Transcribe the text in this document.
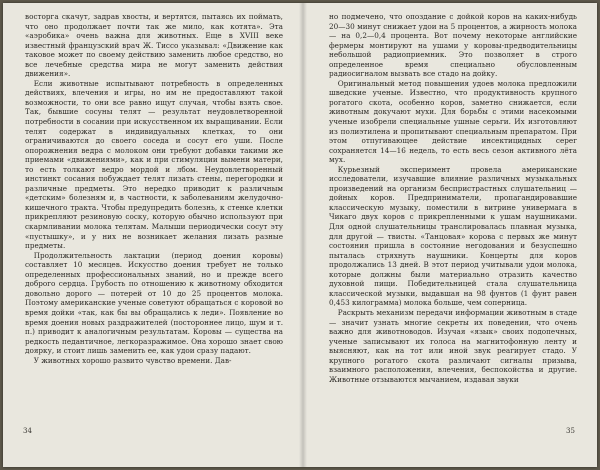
восторга скачут, задрав хвосты, и вертятся, пытаясь их поймать, что оно продолжает почти так же мило, как котята». Эта «аэробика» очень важна для животных. Еще в XVIII веке известный французский врач Ж. Тиссо указывал: «Движение как таковое может по своему действию заменить любое средство, но все лечебные средства мира не могут заменить действия движения».

Если животные испытывают потребность в определенных действиях, влечения и игры, но им не предоставляют такой возможности, то они все равно ищут случая, чтобы взять свое. Так, бывшие сосуны телят — результат неудовлетворенной потребности в сосании при искусственном их выращивании. Если телят содержат в индивидуальных клетках, то они ограничиваются до своего соседа и сосут его уши. После опорожнения ведра с молоком они требуют добавки такими же приемами «движениями», как и при стимуляции вымени матери, то есть толкают ведро мордой и лбом. Неудовлетворенный инстинкт сосания побуждает телят лизать стены, перегородки и различные предметы. Это нередко приводит к различным «детским» болезням и, в частности, к заболеваниям желудочно-кишечного тракта. Чтобы предупредить болезнь, к стенке клетки прикрепляют резиновую соску, которую обычно используют при скармливании молока телятам. Малыши периодически сосут эту «пустышку», и у них не возникает желания лизать разные предметы.

Продолжительность лактации (период доения коровы) составляет 10 месяцев. Искусство доения требует не только определенных профессиональных знаний, но и прежде всего доброго сердца. Грубость по отношению к животному обходится довольно дорого — потерей от 10 до 25 процентов молока. Поэтому американские ученые советуют обращаться с коровой во время дойки «так, как бы вы обращались к леди». Появление во время доения новых раздражителей (постороннее лицо, шум и т. п.) приводит к аналогичным результатам. Коровы — существа на редкость педантичное, легкоразражимое. Она хорошо знает свою доярку, и стоит лишь заменить ее, как удои сразу падают.

У животных хорошо развито чувство времени. Дав-

34

но подмечено, что опоздание с дойкой коров на каких-нибудь 20—30 минут снижает удои на 5 процентов, а жирность молока — на 0,2—0,4 процента. Вот почему некоторые английские фермеры монтируют на ушами у коровы-предводительницы небольшой радиоприемник. Это позволяет в строго определенное время специально обусловленным радиосигналом вызвать все стадо на дойку.

Оригинальный метод повышения удоев молока предложили шведские ученые. Известно, что продуктивность крупного рогатого скота, особенно коров, заметно снижается, если животным докучают мухи. Для борьбы с этими насекомыми ученые изобрели специальные ушные серьги. Их изготовляют из полиэтилена и пропитывают специальным препаратом. При этом отпугивающее действие инсектицидных серег сохраняется 14—16 недель, то есть весь сезон активного лёта мух.

Курьезный эксперимент провела американские исследователи, изучавшие влияние различных музыкальных произведений на организм беспристрастных слушательниц — дойных коров. Предприниматели, пропагандировавшие классическую музыку, поместили в витрине универмага в Чикаго двух коров с прикрепленными к ушам наушниками. Для одной слушательницы транслировалась плавная музыка, для другой — твисты. «Танцовая» корова с первых же минут состояния пришла в состояние негодования и безуспешно пыталась стряхнуть наушники. Концерты для коров продолжались 13 дней. В этот период учитывали удои молока, которые должны были материально отразить качество духовной пищи. Победительницей стала слушательница классической музыки, выдавшая на 98 фунтов (1 фунт равен 0,453 килограмма) молока больше, чем соперница.

Раскрыть механизм передачи информации животным в стаде — значит узнать многие секреты их поведения, что очень важно для животноводов. Изучая «язык» своих подопечных, ученые записывают их голоса на магнитофонную ленту и выясняют, как на тот или иной звук реагирует стадо. У крупного рогатого скота различают сигналы призыва, взаимного расположения, влечения, беспокойства и другие. Животные отзываются мычанием, издавая звуки

35
